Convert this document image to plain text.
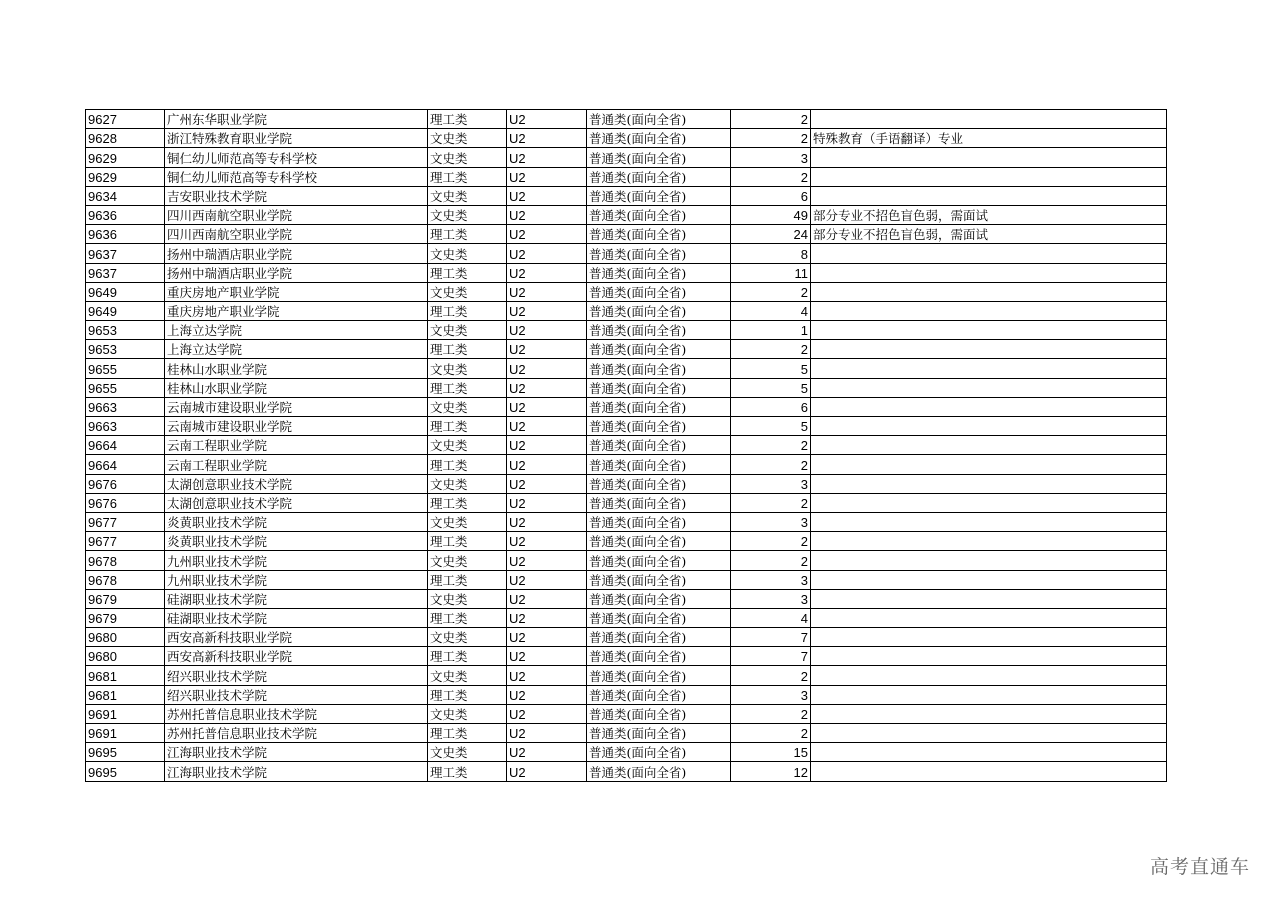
9627	广州东华职业学院	理工类	U2	普通类(面向全省)	2	
9628	浙江特殊教育职业学院	文史类	U2	普通类(面向全省)	2	特殊教育（手语翻译）专业
9629	铜仁幼儿师范高等专科学校	文史类	U2	普通类(面向全省)	3	
9629	铜仁幼儿师范高等专科学校	理工类	U2	普通类(面向全省)	2	
9634	吉安职业技术学院	文史类	U2	普通类(面向全省)	6	
9636	四川西南航空职业学院	文史类	U2	普通类(面向全省)	49	部分专业不招色盲色弱，需面试
9636	四川西南航空职业学院	理工类	U2	普通类(面向全省)	24	部分专业不招色盲色弱，需面试
9637	扬州中瑞酒店职业学院	文史类	U2	普通类(面向全省)	8	
9637	扬州中瑞酒店职业学院	理工类	U2	普通类(面向全省)	11	
9649	重庆房地产职业学院	文史类	U2	普通类(面向全省)	2	
9649	重庆房地产职业学院	理工类	U2	普通类(面向全省)	4	
9653	上海立达学院	文史类	U2	普通类(面向全省)	1	
9653	上海立达学院	理工类	U2	普通类(面向全省)	2	
9655	桂林山水职业学院	文史类	U2	普通类(面向全省)	5	
9655	桂林山水职业学院	理工类	U2	普通类(面向全省)	5	
9663	云南城市建设职业学院	文史类	U2	普通类(面向全省)	6	
9663	云南城市建设职业学院	理工类	U2	普通类(面向全省)	5	
9664	云南工程职业学院	文史类	U2	普通类(面向全省)	2	
9664	云南工程职业学院	理工类	U2	普通类(面向全省)	2	
9676	太湖创意职业技术学院	文史类	U2	普通类(面向全省)	3	
9676	太湖创意职业技术学院	理工类	U2	普通类(面向全省)	2	
9677	炎黄职业技术学院	文史类	U2	普通类(面向全省)	3	
9677	炎黄职业技术学院	理工类	U2	普通类(面向全省)	2	
9678	九州职业技术学院	文史类	U2	普通类(面向全省)	2	
9678	九州职业技术学院	理工类	U2	普通类(面向全省)	3	
9679	硅湖职业技术学院	文史类	U2	普通类(面向全省)	3	
9679	硅湖职业技术学院	理工类	U2	普通类(面向全省)	4	
9680	西安高新科技职业学院	文史类	U2	普通类(面向全省)	7	
9680	西安高新科技职业学院	理工类	U2	普通类(面向全省)	7	
9681	绍兴职业技术学院	文史类	U2	普通类(面向全省)	2	
9681	绍兴职业技术学院	理工类	U2	普通类(面向全省)	3	
9691	苏州托普信息职业技术学院	文史类	U2	普通类(面向全省)	2	
9691	苏州托普信息职业技术学院	理工类	U2	普通类(面向全省)	2	
9695	江海职业技术学院	文史类	U2	普通类(面向全省)	15	
9695	江海职业技术学院	理工类	U2	普通类(面向全省)	12	
高考直通车
